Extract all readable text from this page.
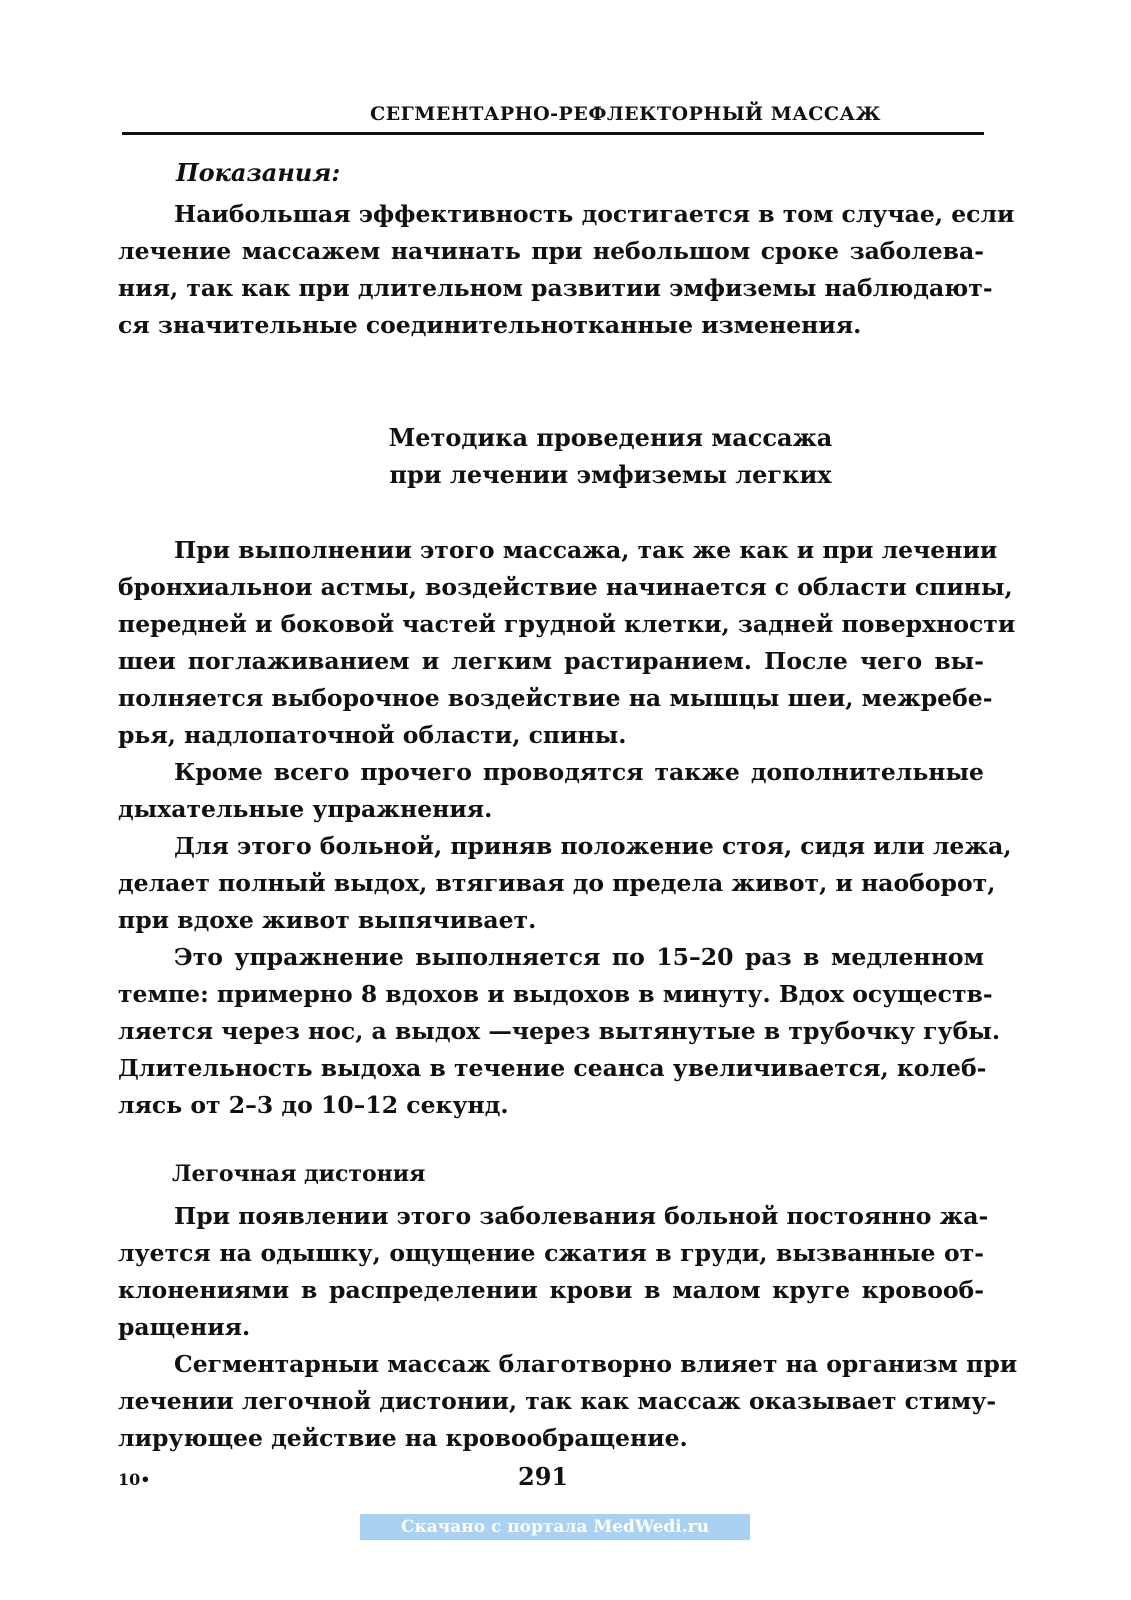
СЕГМЕНТАРНО-РЕФЛЕКТОРНЫЙ МАССАЖ
Показания:
Наибольшая эффективность достигается в том случае, если
лечение массажем начинать при небольшом сроке заболева-
ния, так как при длительном развитии эмфиземы наблюдают-
ся значительные соединительнотканные изменения.
Методика проведения массажа
при лечении эмфиземы легких
При выполнении этого массажа, так же как и при лечении
бронхиальнои астмы, воздействие начинается с области спины,
передней и боковой частей грудной клетки, задней поверхности
шеи поглаживанием и легким растиранием. После чего вы-
полняется выборочное воздействие на мышцы шеи, межребе-
рья, надлопаточной области, спины.
Кроме всего прочего проводятся также дополнительные
дыхательные упражнения.
Для этого больной, приняв положение стоя, сидя или лежа,
делает полный выдох, втягивая до предела живот, и наоборот,
при вдохе живот выпячивает.
Это упражнение выполняется по 15–20 раз в медленном
темпе: примерно 8 вдохов и выдохов в минуту. Вдох осуществ-
ляется через нос, а выдох —через вытянутые в трубочку губы.
Длительность выдоха в течение сеанса увеличивается, колеб-
лясь от 2–3 до 10–12 секунд.
Легочная дистония
При появлении этого заболевания больной постоянно жа-
луется на одышку, ощущение сжатия в груди, вызванные от-
клонениями в распределении крови в малом круге кровооб-
ращения.
Сегментарныи массаж благотворно влияет на организм при
лечении легочной дистонии, так как массаж оказывает стиму-
лирующее действие на кровообращение.
10•	291
Скачано с портала MedWedi.ru
